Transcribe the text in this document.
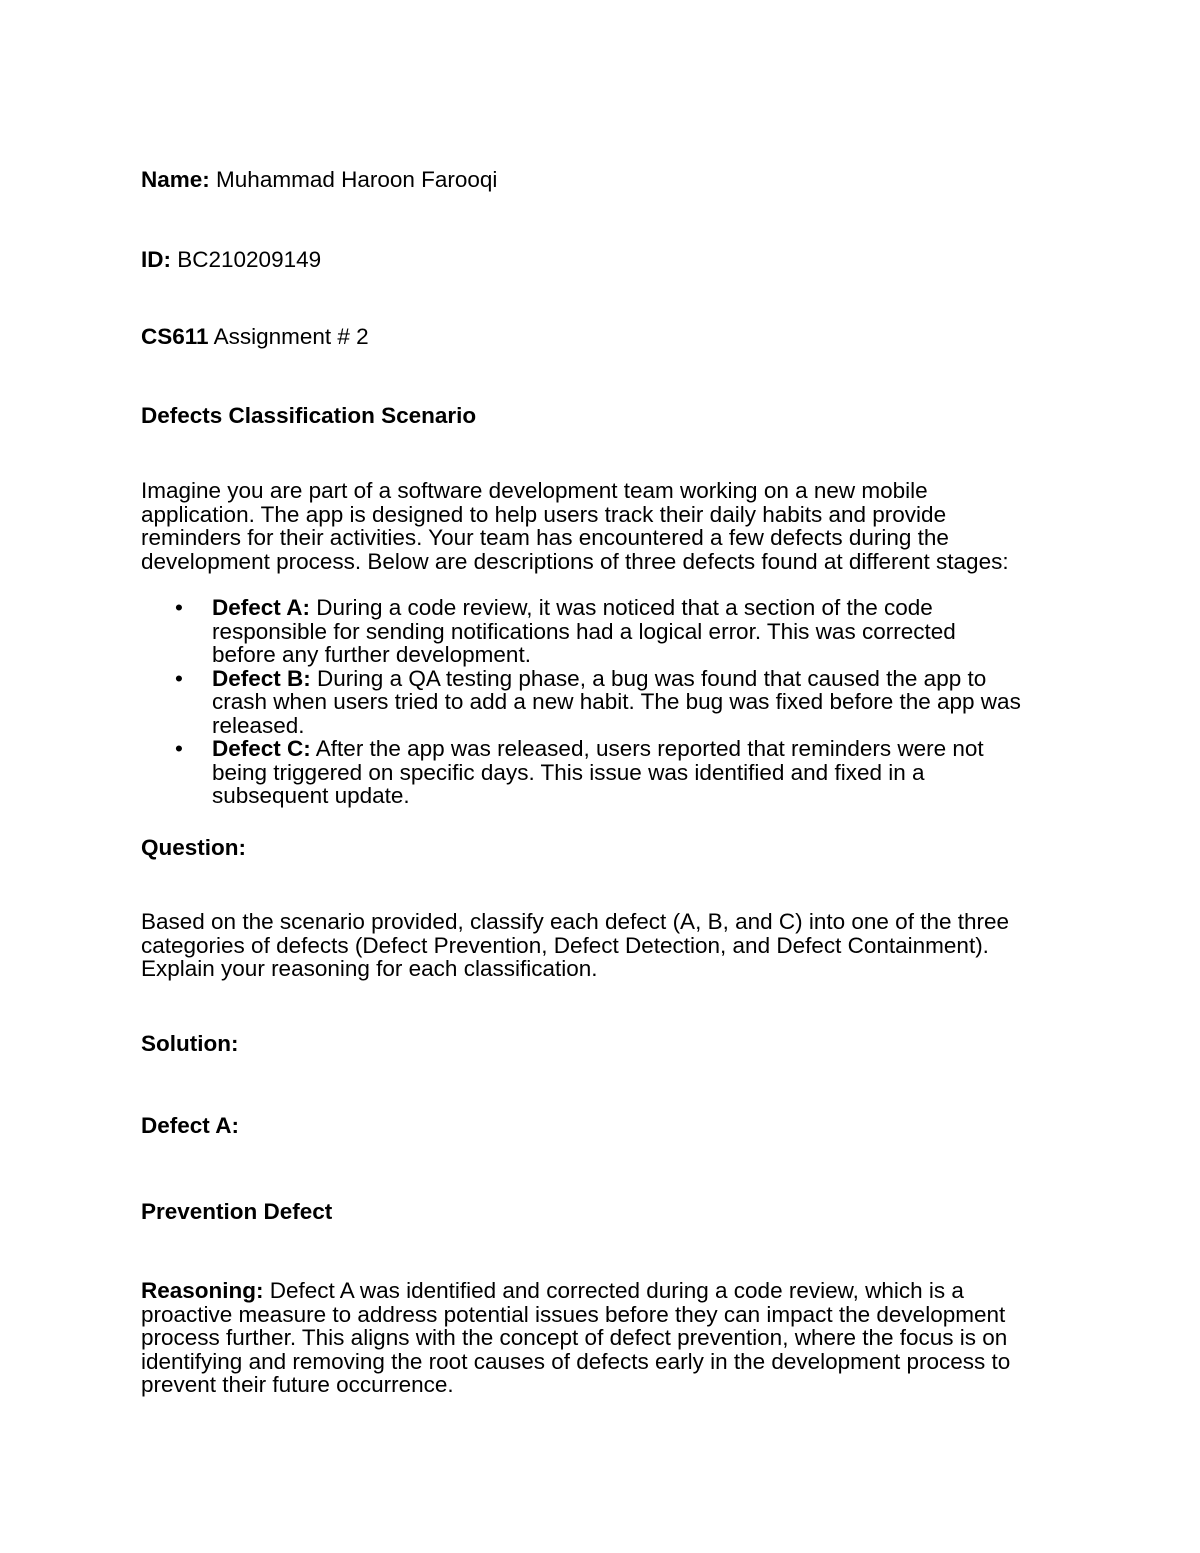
Name: Muhammad Haroon Farooqi
ID: BC210209149
CS611 Assignment # 2
Defects Classification Scenario
Imagine you are part of a software development team working on a new mobile
application. The app is designed to help users track their daily habits and provide
reminders for their activities. Your team has encountered a few defects during the
development process. Below are descriptions of three defects found at different stages:
• Defect A: During a code review, it was noticed that a section of the code
responsible for sending notifications had a logical error. This was corrected
before any further development.
• Defect B: During a QA testing phase, a bug was found that caused the app to
crash when users tried to add a new habit. The bug was fixed before the app was
released.
• Defect C: After the app was released, users reported that reminders were not
being triggered on specific days. This issue was identified and fixed in a
subsequent update.
Question:
Based on the scenario provided, classify each defect (A, B, and C) into one of the three
categories of defects (Defect Prevention, Defect Detection, and Defect Containment).
Explain your reasoning for each classification.
Solution:
Defect A:
Prevention Defect
Reasoning: Defect A was identified and corrected during a code review, which is a
proactive measure to address potential issues before they can impact the development
process further. This aligns with the concept of defect prevention, where the focus is on
identifying and removing the root causes of defects early in the development process to
prevent their future occurrence.
